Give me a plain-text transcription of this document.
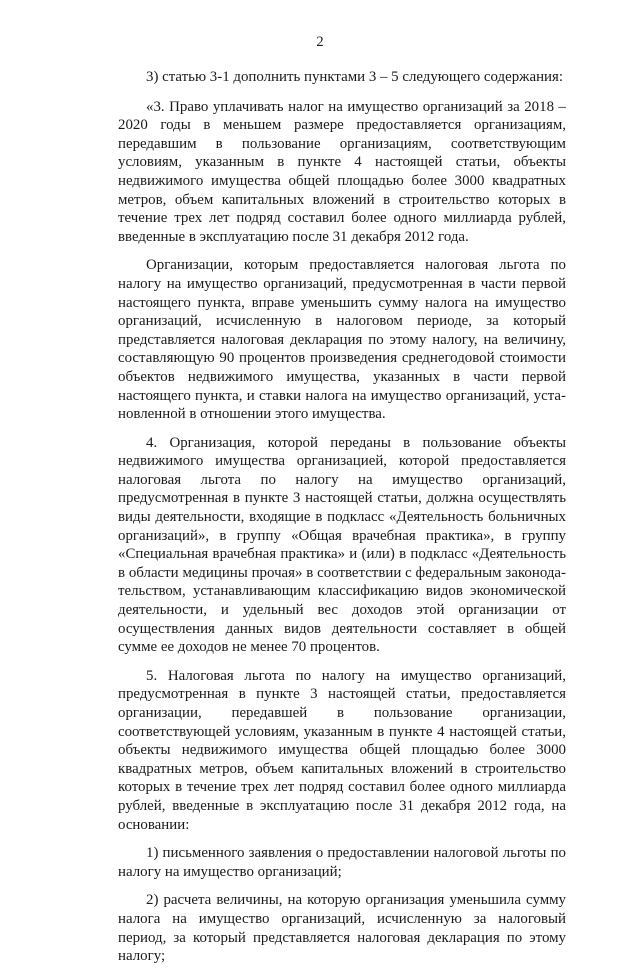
2

3) статью 3-1 дополнить пунктами 3 – 5 следующего содержания:

«3. Право уплачивать налог на имущество организаций за 2018 – 2020 годы в меньшем размере предоставляется организациям, передавшим в пользование организациям, соответствующим условиям, указанным в пункте 4 настоящей статьи, объекты недвижимого имущества общей площадью более 3000 квадратных метров, объем капитальных вложений в строительство которых в течение трех лет подряд составил более одного миллиарда рублей, введенные в эксплуатацию после 31 декабря 2012 года.

Организации, которым предоставляется налоговая льгота по налогу на имущество организаций, предусмотренная в части первой настоящего пункта, вправе уменьшить сумму налога на имущество организаций, исчисленную в налоговом периоде, за который представляется налоговая декларация по этому налогу, на величину, составляющую 90 процентов произведения среднегодовой стоимости объектов недвижимого имущества, указанных в части первой настоящего пункта, и ставки налога на имущество организаций, установленной в отношении этого имущества.

4. Организация, которой переданы в пользование объекты недвижимого имущества организацией, которой предоставляется налоговая льгота по налогу на имущество организаций, предусмотренная в пункте 3 настоящей статьи, должна осуществлять виды деятельности, входящие в подкласс «Деятельность больничных организаций», в группу «Общая врачебная практика», в группу «Специальная врачебная практика» и (или) в подкласс «Деятельность в области медицины прочая» в соответствии с федеральным законодательством, устанавливающим классификацию видов экономической деятельности, и удельный вес доходов этой организации от осуществления данных видов деятельности составляет в общей сумме ее доходов не менее 70 процентов.

5. Налоговая льгота по налогу на имущество организаций, предусмотренная в пункте 3 настоящей статьи, предоставляется организации, передавшей в пользование организации, соответствующей условиям, указанным в пункте 4 настоящей статьи, объекты недвижимого имущества общей площадью более 3000 квадратных метров, объем капитальных вложений в строительство которых в течение трех лет подряд составил более одного миллиарда рублей, введенные в эксплуатацию после 31 декабря 2012 года, на основании:

1) письменного заявления о предоставлении налоговой льготы по налогу на имущество организаций;

2) расчета величины, на которую организация уменьшила сумму налога на имущество организаций, исчисленную за налоговый период, за который представляется налоговая декларация по этому налогу;
